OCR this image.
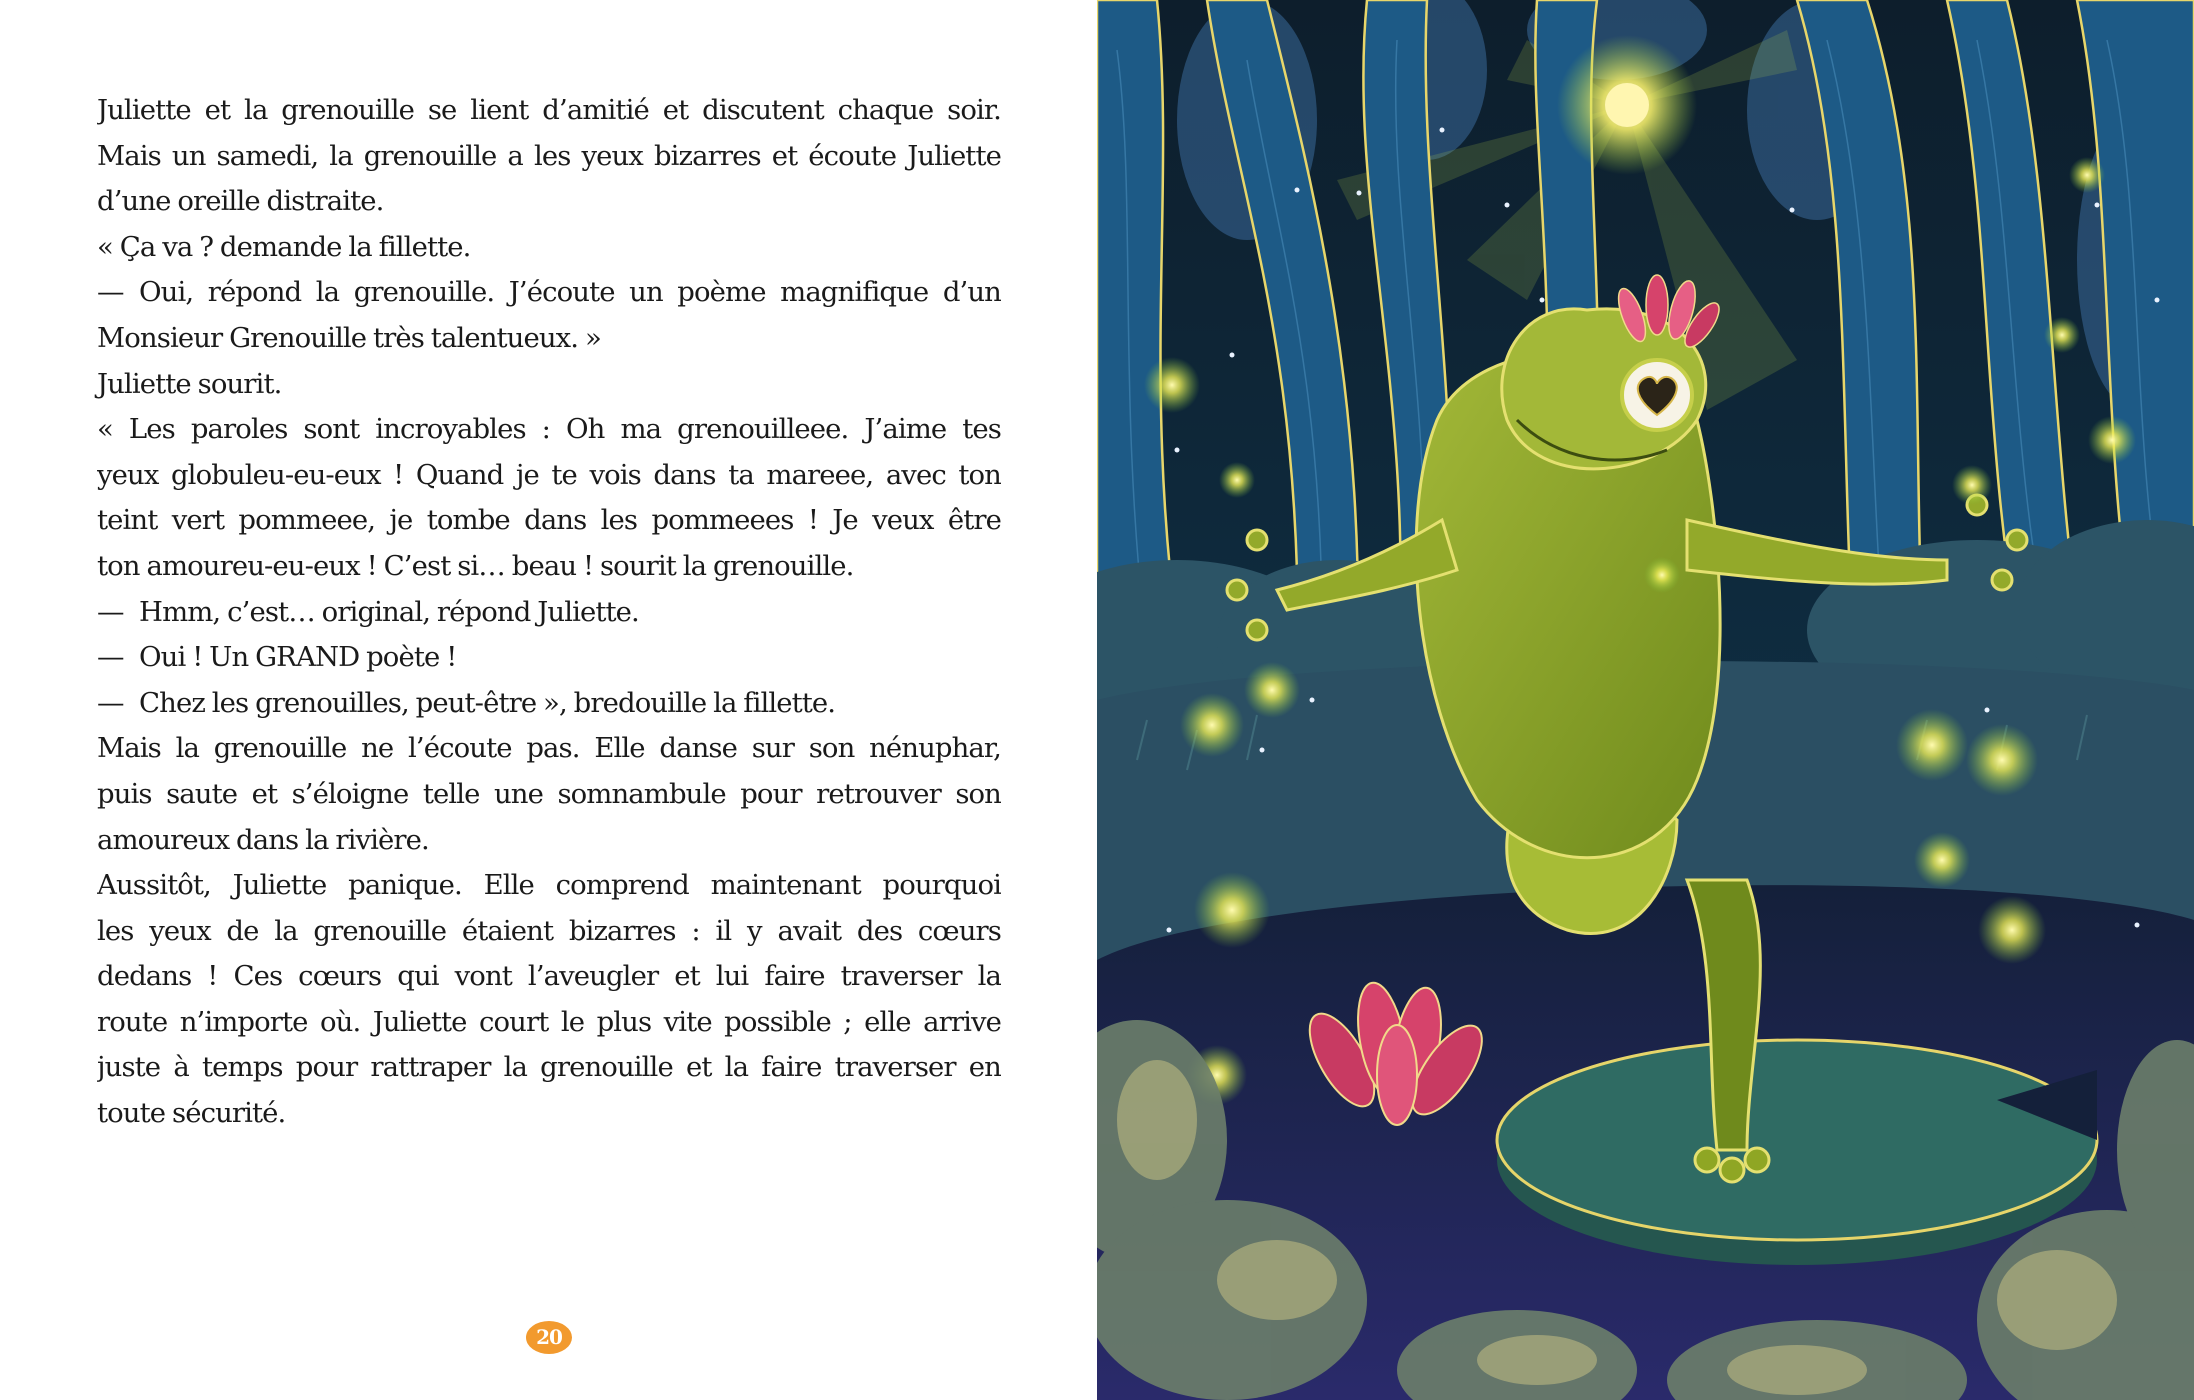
Juliette et la grenouille se lient d’amitié et discutent chaque soir.
Mais un samedi, la grenouille a les yeux bizarres et écoute Juliette
d’une oreille distraite.
« Ça va ? demande la fillette.
— Oui, répond la grenouille. J’écoute un poème magnifique d’un
Monsieur Grenouille très talentueux. »
Juliette sourit.
« Les paroles sont incroyables : Oh ma grenouilleee. J’aime tes
yeux globuleu-eu-eux ! Quand je te vois dans ta mareee, avec ton
teint vert pommeee, je tombe dans les pommeees ! Je veux être
ton amoureu-eu-eux ! C’est si… beau ! sourit la grenouille.
— Hmm, c’est… original, répond Juliette.
— Oui ! Un GRAND poète !
— Chez les grenouilles, peut-être », bredouille la fillette.
Mais la grenouille ne l’écoute pas. Elle danse sur son nénuphar,
puis saute et s’éloigne telle une somnambule pour retrouver son
amoureux dans la rivière.
Aussitôt, Juliette panique. Elle comprend maintenant pourquoi
les yeux de la grenouille étaient bizarres : il y avait des cœurs
dedans ! Ces cœurs qui vont l’aveugler et lui faire traverser la
route n’importe où. Juliette court le plus vite possible ; elle arrive
juste à temps pour rattraper la grenouille et la faire traverser en
toute sécurité.
20
